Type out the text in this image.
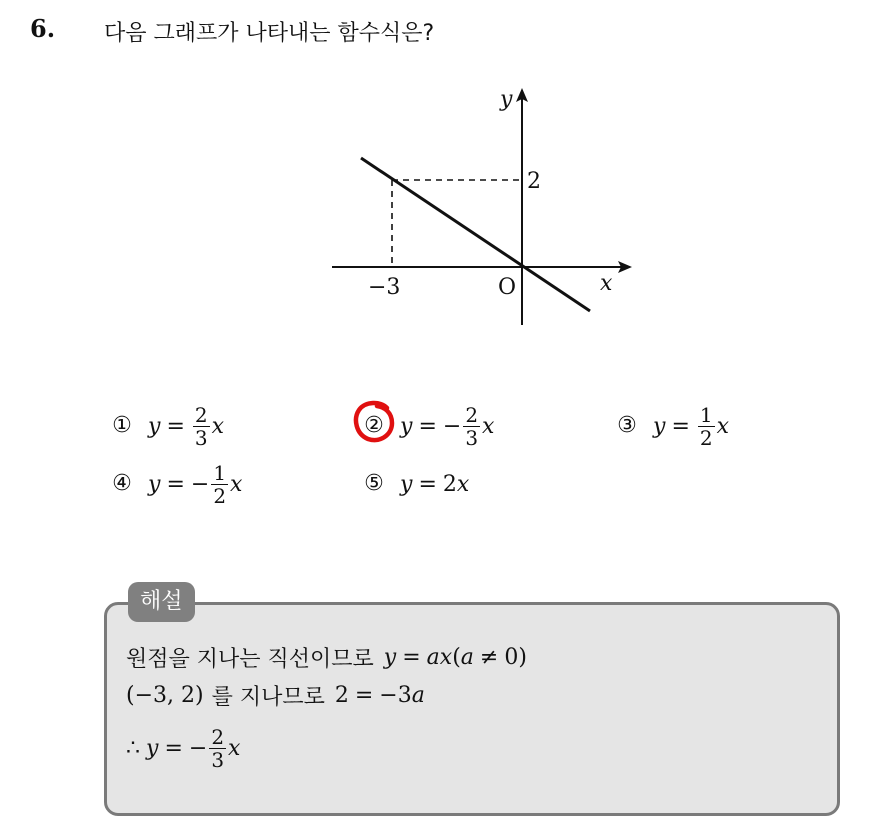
6. 다음 그래프가 나타내는 함수식은?
y
x
O
2
−3
① $y = \frac{2}{3}$ x	② y = − $\frac{2}{3}$ x	③ $y = \frac{1}{2}$ x
④ y = − $\frac{1}{2}$ x	⑤ y = 2 x
해설
원점을 지나는 직선이므로 y = a x ( a ≠ 0 )
(−3, 2) 를 지나므로 2 = −3 a
∴ y = − $\frac{2}{3}$ x
